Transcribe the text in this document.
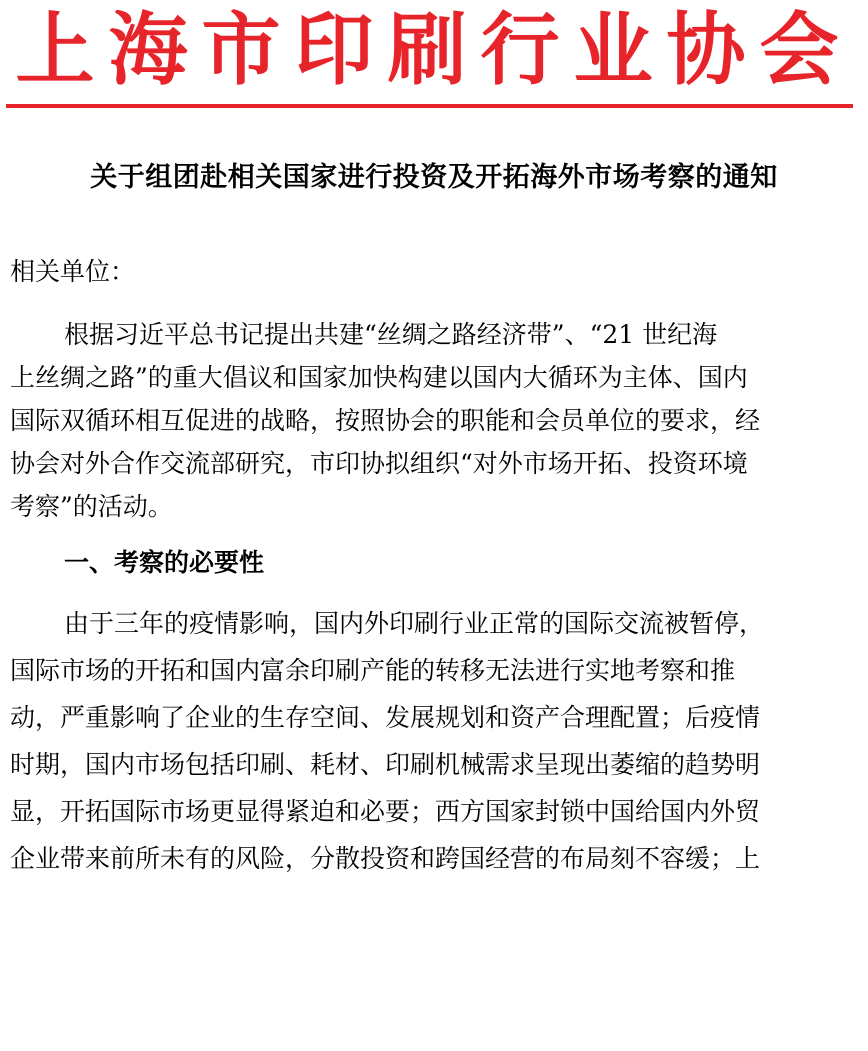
上海市印刷行业协会
关于组团赴相关国家进行投资及开拓海外市场考察的通知

相关单位：

根据习近平总书记提出共建“丝绸之路经济带”、“21 世纪海

上丝绸之路”的重大倡议和国家加快构建以国内大循环为主体、国内

国际双循环相互促进的战略，按照协会的职能和会员单位的要求，经

协会对外合作交流部研究，市印协拟组织“对外市场开拓、投资环境

考察”的活动。

一、考察的必要性

由于三年的疫情影响，国内外印刷行业正常的国际交流被暂停，

国际市场的开拓和国内富余印刷产能的转移无法进行实地考察和推

动，严重影响了企业的生存空间、发展规划和资产合理配置；后疫情

时期，国内市场包括印刷、耗材、印刷机械需求呈现出萎缩的趋势明

显，开拓国际市场更显得紧迫和必要；西方国家封锁中国给国内外贸

企业带来前所未有的风险，分散投资和跨国经营的布局刻不容缓；上
